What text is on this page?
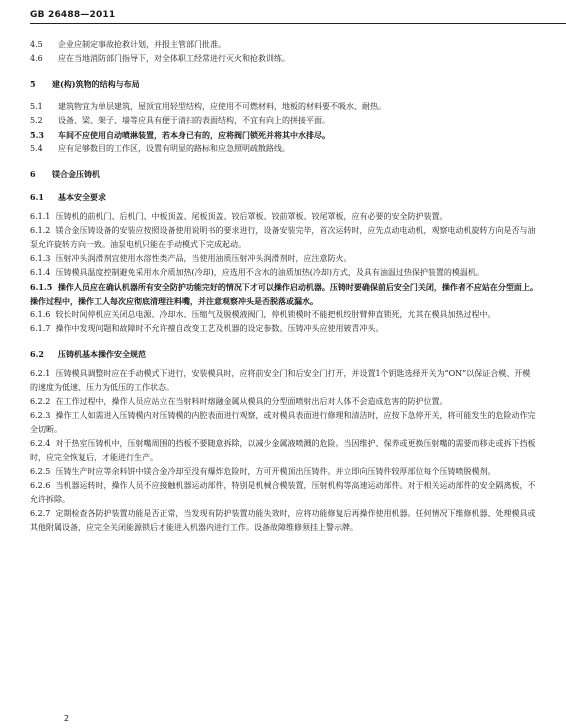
GB 26488—2011
4.5	企业应制定事故抢救计划，并报主管部门批准。
4.6	应在当地消防部门指导下，对全体职工经常进行灭火和抢救训练。
5	建(构)筑物的结构与布局
5.1	建筑物宜为单层建筑，屋顶宜用轻型结构，应使用不可燃材料，地板的材料要不吸水、耐热。
5.2	设备、梁、架子、墙等应具有便于清扫的表面结构，不宜有向上的拼接平面。
5.3	车间不应使用自动喷淋装置，若本身已有的，应将阀门锁死并将其中水排尽。
5.4	应有足够数目的工作区，设置有明显的路标和应急照明疏散路线。
6	镁合金压铸机
6.1	基本安全要求
6.1.1 压铸机的前机门、后机门、中板顶盖、尾板顶盖、铰后罩板、铰前罩板、铰尾罩板，应有必要的安全防护装置。
6.1.2 镁合金压铸设备的安装应按照设备使用说明书的要求进行，设备安装完毕，首次运转时，应先点动电动机，观察电动机旋转方向是否与油泵允许旋转方向一致。油泵电机只能在手动模式下完成起动。
6.1.3 压射冲头润滑剂宜使用水溶性类产品，当使用油质压射冲头润滑剂时，应注意防火。
6.1.4 压铸模具温度控制避免采用水介质加热(冷却)，应选用不含水的油质加热(冷却)方式，及具有油温过热保护装置的模温机。
6.1.5 操作人员应在确认机器所有安全防护功能完好的情况下才可以操作启动机器。压铸时要确保前后安全门关闭，操作者不应站在分型面上。操作过程中，操作工人每次应彻底清理注料嘴，并注意观察冲头是否脱落或漏水。
6.1.6 较长时间停机应关闭总电源、冷却水、压缩气及脱模液阀门，停机锁模时不能把机绞肘臂伸直锁死，尤其在模具加热过程中。
6.1.7 操作中发现问题和故障时不允许擅自改变工艺及机器的设定参数。压铸冲头应使用铍青冲头。
6.2	压铸机基本操作安全规范
6.2.1 压铸模具调整时应在手动模式下进行，安装模具时，应将前安全门和后安全门打开，并设置1个钥匙选择开关为“ON”以保证合模、开模的速度为低速、压力为低压的工作状态。
6.2.2 在工作过程中，操作人员应站立在当射料时熔融金属从模具的分型面喷射出后对人体不会造成危害的防护位置。
6.2.3 操作工人如需进入压铸模内对压铸模的内腔表面进行观察，或对模具表面进行修理和清洁时，应按下急停开关，将可能发生的危险动作完全切断。
6.2.4 对于热室压铸机中，压射嘴周围的挡板不要随意拆除，以减少金属液喷溅的危险。当因维护、保养或更换压射嘴的需要而移走或拆下挡板时，应完全恢复后，才能进行生产。
6.2.5 压铸生产时应等余料饼中镁合金冷却至没有爆炸危险时，方可开模顶出压铸件。并立即向压铸件较厚部位每个压铸喷脱模剂。
6.2.6 当机器运转时，操作人员不应接触机器运动部件，特别是机械合模装置，压射机构等高速运动部件。对于相关运动部件的安全隔离板，不允许拆除。
6.2.7 定期检查各防护装置功能是否正常，当发现有防护装置功能失效时，应将功能修复后再操作使用机器。任何情况下维修机器、处理模具或其他附属设备，应完全关闭能源锁后才能进入机器内进行工作。设备故障维修须挂上警示牌。
2
